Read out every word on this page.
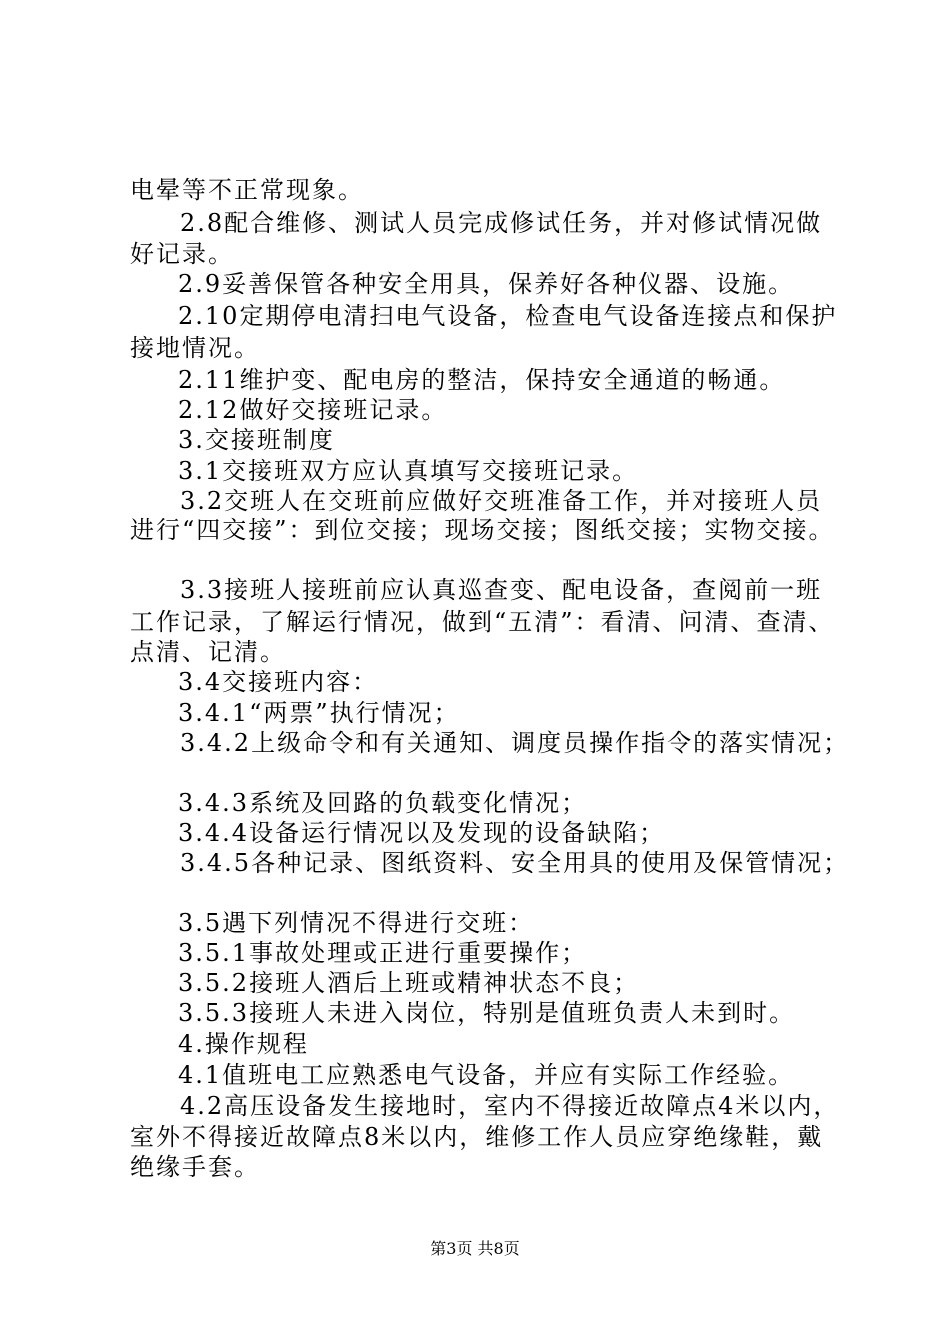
电晕等不正常现象。
2.8配合维修、测试人员完成修试任务，并对修试情况做
好记录。
2.9妥善保管各种安全用具，保养好各种仪器、设施。
2.10定期停电清扫电气设备，检查电气设备连接点和保护
接地情况。
2.11维护变、配电房的整洁，保持安全通道的畅通。
2.12做好交接班记录。
3.交接班制度
3.1交接班双方应认真填写交接班记录。
3.2交班人在交班前应做好交班准备工作，并对接班人员
进行“四交接”：到位交接；现场交接；图纸交接；实物交接。
3.3接班人接班前应认真巡查变、配电设备，查阅前一班
工作记录，了解运行情况，做到“五清”：看清、问清、查清、
点清、记清。
3.4交接班内容：
3.4.1“两票”执行情况；
3.4.2上级命令和有关通知、调度员操作指令的落实情况；
3.4.3系统及回路的负载变化情况；
3.4.4设备运行情况以及发现的设备缺陷；
3.4.5各种记录、图纸资料、安全用具的使用及保管情况；
3.5遇下列情况不得进行交班：
3.5.1事故处理或正进行重要操作；
3.5.2接班人酒后上班或精神状态不良；
3.5.3接班人未进入岗位，特别是值班负责人未到时。
4.操作规程
4.1值班电工应熟悉电气设备，并应有实际工作经验。
4.2高压设备发生接地时，室内不得接近故障点4米以内，
室外不得接近故障点8米以内，维修工作人员应穿绝缘鞋，戴
绝缘手套。
第3页 共8页
